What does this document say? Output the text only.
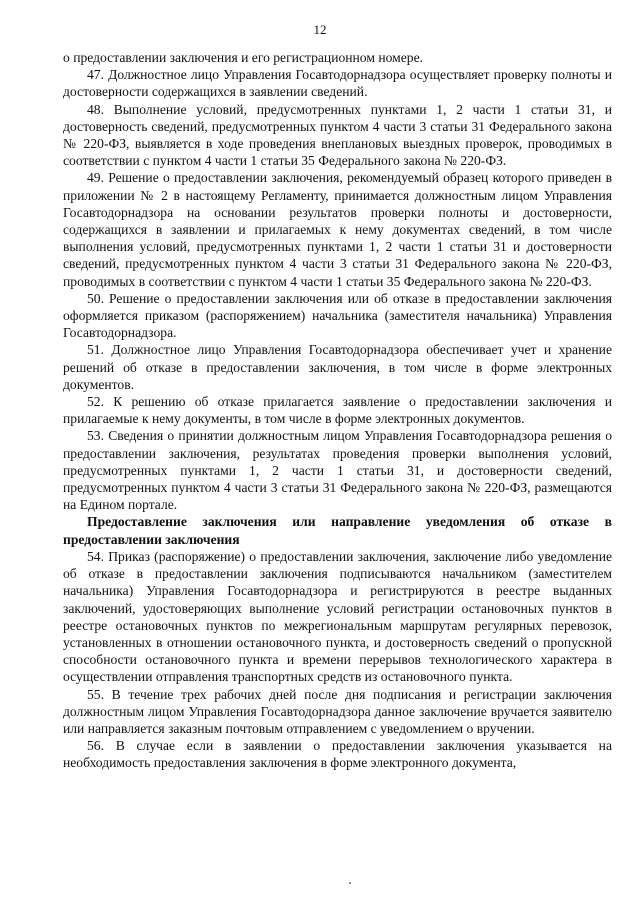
12

о предоставлении заключения и его регистрационном номере.

47. Должностное лицо Управления Госавтодорнадзора осуществляет проверку полноты и достоверности содержащихся в заявлении сведений.

48. Выполнение условий, предусмотренных пунктами 1, 2 части 1 статьи 31, и достоверность сведений, предусмотренных пунктом 4 части 3 статьи 31 Федерального закона № 220-ФЗ, выявляется в ходе проведения внеплановых выездных проверок, проводимых в соответствии с пунктом 4 части 1 статьи 35 Федерального закона № 220-ФЗ.

49. Решение о предоставлении заключения, рекомендуемый образец которого приведен в приложении № 2 в настоящему Регламенту, принимается должностным лицом Управления Госавтодорнадзора на основании результатов проверки полноты и достоверности, содержащихся в заявлении и прилагаемых к нему документах сведений, в том числе выполнения условий, предусмотренных пунктами 1, 2 части 1 статьи 31 и достоверности сведений, предусмотренных пунктом 4 части 3 статьи 31 Федерального закона № 220-ФЗ, проводимых в соответствии с пунктом 4 части 1 статьи 35 Федерального закона № 220-ФЗ.

50. Решение о предоставлении заключения или об отказе в предоставлении заключения оформляется приказом (распоряжением) начальника (заместителя начальника) Управления Госавтодорнадзора.

51. Должностное лицо Управления Госавтодорнадзора обеспечивает учет и хранение решений об отказе в предоставлении заключения, в том числе в форме электронных документов.

52. К решению об отказе прилагается заявление о предоставлении заключения и прилагаемые к нему документы, в том числе в форме электронных документов.

53. Сведения о принятии должностным лицом Управления Госавтодорнадзора решения о предоставлении заключения, результатах проведения проверки выполнения условий, предусмотренных пунктами 1, 2 части 1 статьи 31, и достоверности сведений, предусмотренных пунктом 4 части 3 статьи 31 Федерального закона № 220-ФЗ, размещаются на Едином портале.

Предоставление заключения или направление уведомления об отказе в предоставлении заключения

54. Приказ (распоряжение) о предоставлении заключения, заключение либо уведомление об отказе в предоставлении заключения подписываются начальником (заместителем начальника) Управления Госавтодорнадзора и регистрируются в реестре выданных заключений, удостоверяющих выполнение условий регистрации остановочных пунктов в реестре остановочных пунктов по межрегиональным маршрутам регулярных перевозок, установленных в отношении остановочного пункта, и достоверность сведений о пропускной способности остановочного пункта и времени перерывов технологического характера в осуществлении отправления транспортных средств из остановочного пункта.

55. В течение трех рабочих дней после дня подписания и регистрации заключения должностным лицом Управления Госавтодорнадзора данное заключение вручается заявителю или направляется заказным почтовым отправлением с уведомлением о вручении.

56. В случае если в заявлении о предоставлении заключения указывается на необходимость предоставления заключения в форме электронного документа,
